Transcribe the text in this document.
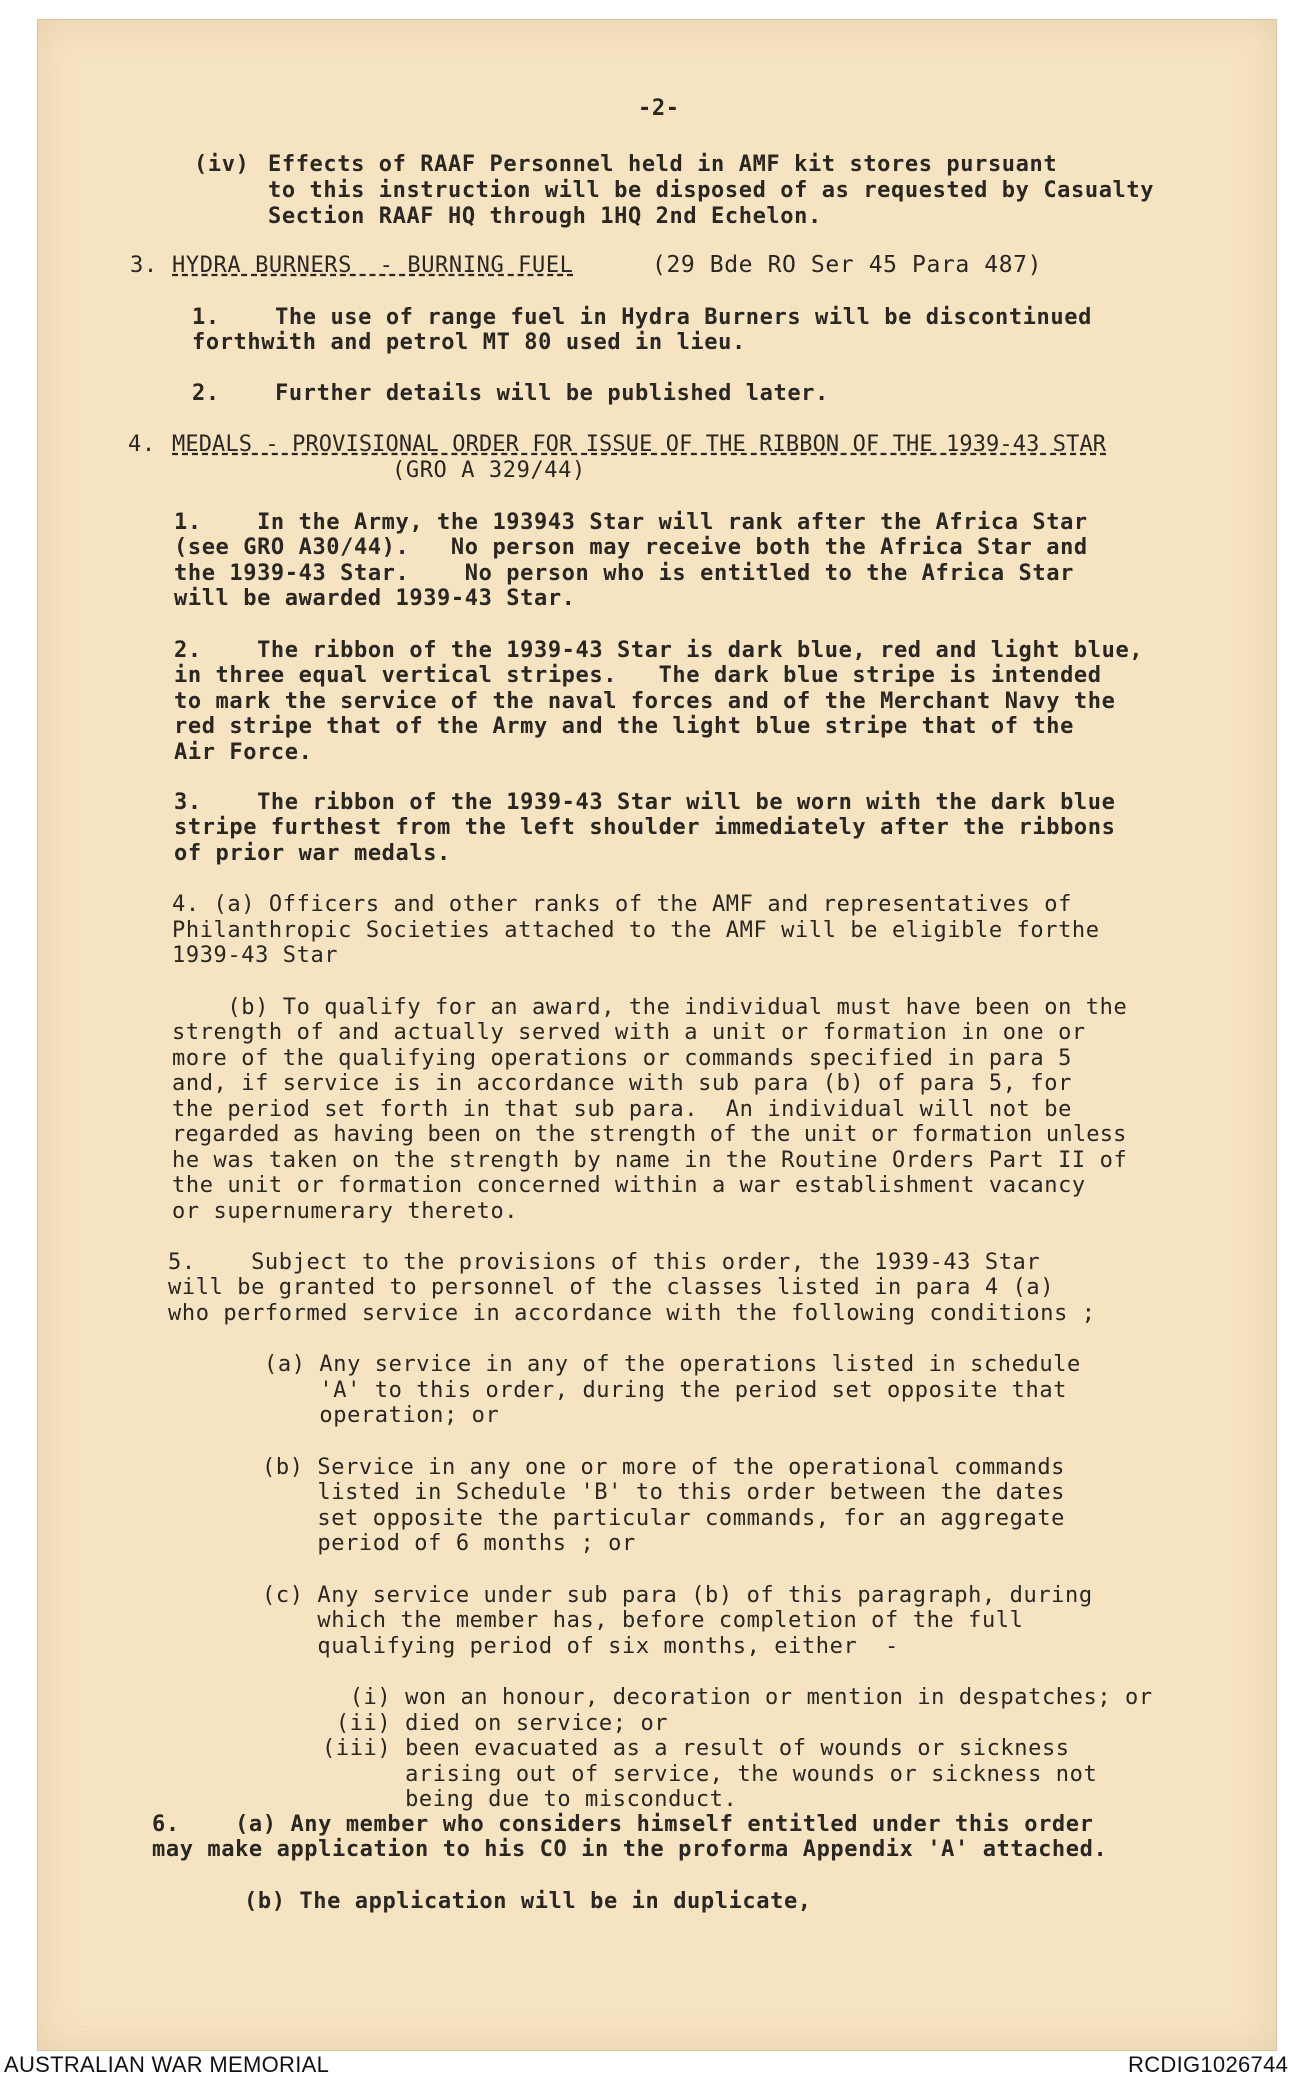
-2-
(iv) Effects of RAAF Personnel held in AMF kit stores pursuant
to this instruction will be disposed of as requested by Casualty
Section RAAF HQ through 1HQ 2nd Echelon.
3. HYDRA BURNERS  - BURNING FUEL	(29 Bde RO Ser 45 Para 487)
1.    The use of range fuel in Hydra Burners will be discontinued
forthwith and petrol MT 80 used in lieu.
2.    Further details will be published later.
4. MEDALS - PROVISIONAL ORDER FOR ISSUE OF THE RIBBON OF THE 1939-43 STAR
(GRO A 329/44)
1.    In the Army, the 193943 Star will rank after the Africa Star
(see GRO A30/44).   No person may receive both the Africa Star and
the 1939-43 Star.    No person who is entitled to the Africa Star
will be awarded 1939-43 Star.
2.    The ribbon of the 1939-43 Star is dark blue, red and light blue,
in three equal vertical stripes.   The dark blue stripe is intended
to mark the service of the naval forces and of the Merchant Navy the
red stripe that of the Army and the light blue stripe that of the
Air Force.
3.    The ribbon of the 1939-43 Star will be worn with the dark blue
stripe furthest from the left shoulder immediately after the ribbons
of prior war medals.
4. (a) Officers and other ranks of the AMF and representatives of
Philanthropic Societies attached to the AMF will be eligible forthe
1939-43 Star
(b) To qualify for an award, the individual must have been on the
strength of and actually served with a unit or formation in one or
more of the qualifying operations or commands specified in para 5
and, if service is in accordance with sub para (b) of para 5, for
the period set forth in that sub para.  An individual will not be
regarded as having been on the strength of the unit or formation unless
he was taken on the strength by name in the Routine Orders Part II of
the unit or formation concerned within a war establishment vacancy
or supernumerary thereto.
5.    Subject to the provisions of this order, the 1939-43 Star
will be granted to personnel of the classes listed in para 4 (a)
who performed service in accordance with the following conditions ;
(a) Any service in any of the operations listed in schedule
'A' to this order, during the period set opposite that
operation; or
(b) Service in any one or more of the operational commands
listed in Schedule 'B' to this order between the dates
set opposite the particular commands, for an aggregate
period of 6 months ; or
(c) Any service under sub para (b) of this paragraph, during
which the member has, before completion of the full
qualifying period of six months, either  -
(i) won an honour, decoration or mention in despatches; or
(ii) died on service; or
(iii) been evacuated as a result of wounds or sickness
arising out of service, the wounds or sickness not
being due to misconduct.
6.    (a) Any member who considers himself entitled under this order
may make application to his CO in the proforma Appendix 'A' attached.
(b) The application will be in duplicate,
AUSTRALIAN WAR MEMORIAL	RCDIG1026744
